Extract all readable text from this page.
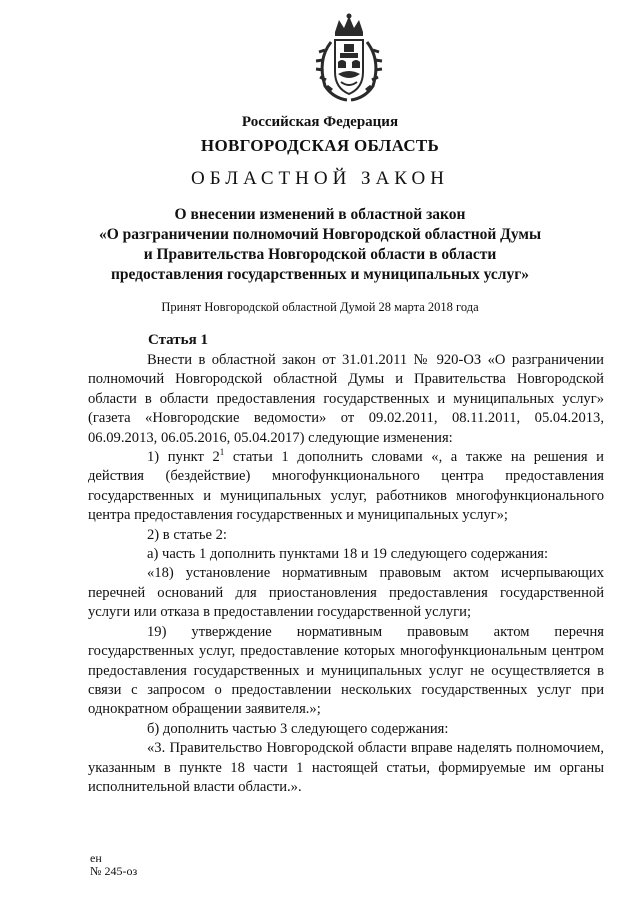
Российская Федерация
НОВГОРОДСКАЯ ОБЛАСТЬ
ОБЛАСТНОЙ ЗАКОН
О внесении изменений в областной закон
«О разграничении полномочий Новгородской областной Думы
и Правительства Новгородской области в области
предоставления государственных и муниципальных услуг»
Принят Новгородской областной Думой 28 марта 2018 года
Статья 1

Внести в областной закон от 31.01.2011 № 920-ОЗ «О разграничении полномочий Новгородской областной Думы и Правительства Новгородской области в области предоставления государственных и муниципальных услуг» (газета «Новгородские ведомости» от 09.02.2011, 08.11.2011, 05.04.2013, 06.09.2013, 06.05.2016, 05.04.2017) следующие изменения:

1) пункт $2^1$ статьи 1 дополнить словами «, а также на решения и действия (бездействие) многофункционального центра предоставления государственных и муниципальных услуг, работников многофункционального центра предоставления государственных и муниципальных услуг»;

2) в статье 2:

а) часть 1 дополнить пунктами 18 и 19 следующего содержания:

«18) установление нормативным правовым актом исчерпывающих перечней оснований для приостановления предоставления государственной услуги или отказа в предоставлении государственной услуги;

19) утверждение нормативным правовым актом перечня государственных услуг, предоставление которых многофункциональным центром предоставления государственных и муниципальных услуг не осуществляется в связи с запросом о предоставлении нескольких государственных услуг при однократном обращении заявителя.»;

б) дополнить частью 3 следующего содержания:

«3. Правительство Новгородской области вправе наделять полномочием, указанным в пункте 18 части 1 настоящей статьи, формируемые им органы исполнительной власти области.».

ен
№ 245-оз
